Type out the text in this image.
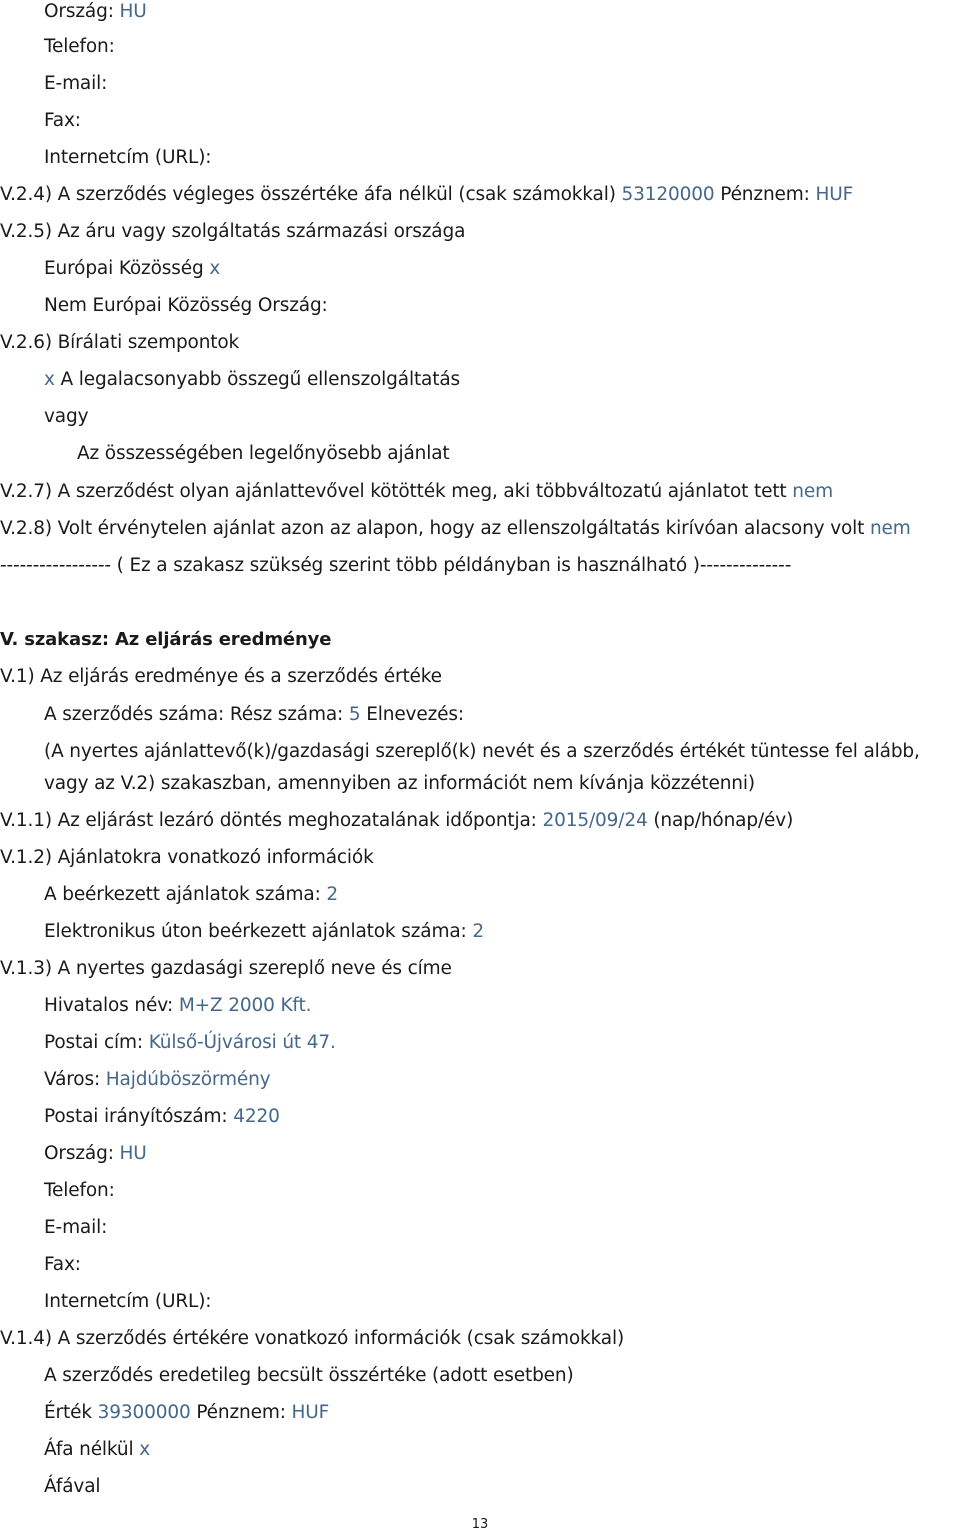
Ország: HU
Telefon:
E-mail:
Fax:
Internetcím (URL):
V.2.4) A szerződés végleges összértéke áfa nélkül (csak számokkal) 53120000 Pénznem: HUF
V.2.5) Az áru vagy szolgáltatás származási országa
Európai Közösség x
Nem Európai Közösség Ország:
V.2.6) Bírálati szempontok
x A legalacsonyabb összegű ellenszolgáltatás
vagy
Az összességében legelőnyösebb ajánlat
V.2.7) A szerződést olyan ajánlattevővel kötötték meg, aki többváltozatú ajánlatot tett nem
V.2.8) Volt érvénytelen ajánlat azon az alapon, hogy az ellenszolgáltatás kirívóan alacsony volt nem
----------------- ( Ez a szakasz szükség szerint több példányban is használható )--------------
V. szakasz: Az eljárás eredménye
V.1) Az eljárás eredménye és a szerződés értéke
A szerződés száma: Rész száma: 5 Elnevezés:
(A nyertes ajánlattevő(k)/gazdasági szereplő(k) nevét és a szerződés értékét tüntesse fel alább,
vagy az V.2) szakaszban, amennyiben az információt nem kívánja közzétenni)
V.1.1) Az eljárást lezáró döntés meghozatalának időpontja: 2015/09/24 (nap/hónap/év)
V.1.2) Ajánlatokra vonatkozó információk
A beérkezett ajánlatok száma: 2
Elektronikus úton beérkezett ajánlatok száma: 2
V.1.3) A nyertes gazdasági szereplő neve és címe
Hivatalos név: M+Z 2000 Kft.
Postai cím: Külső-Újvárosi út 47.
Város: Hajdúböszörmény
Postai irányítószám: 4220
Ország: HU
Telefon:
E-mail:
Fax:
Internetcím (URL):
V.1.4) A szerződés értékére vonatkozó információk (csak számokkal)
A szerződés eredetileg becsült összértéke (adott esetben)
Érték 39300000 Pénznem: HUF
Áfa nélkül x
Áfával
13
